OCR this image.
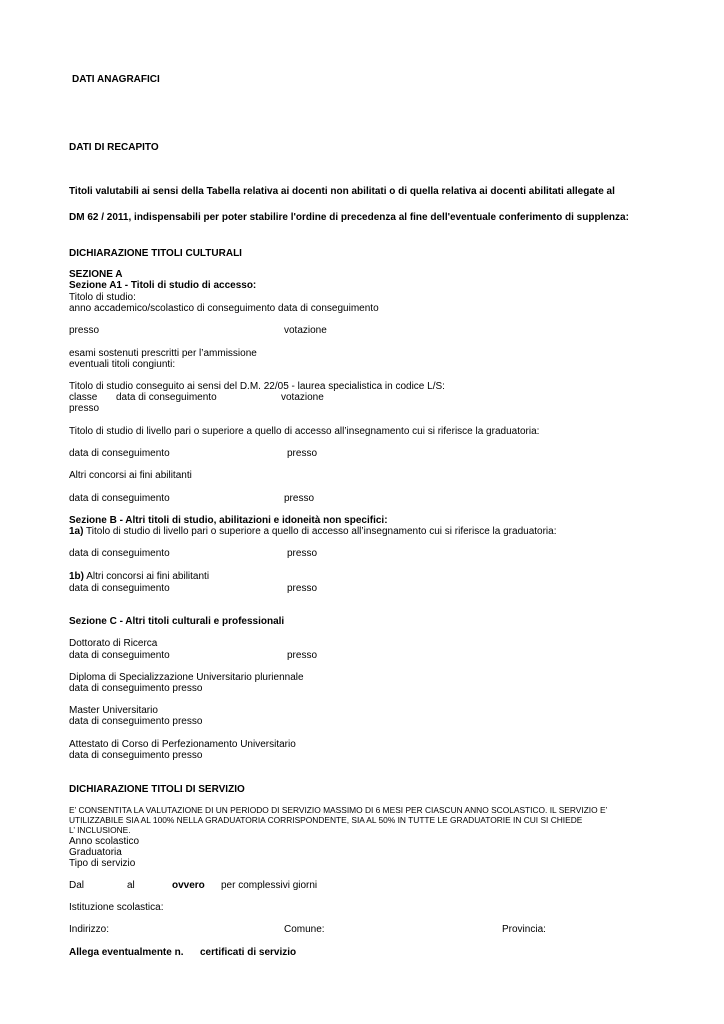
DATI ANAGRAFICI
DATI DI RECAPITO
Titoli valutabili ai sensi della Tabella relativa ai docenti non abilitati o di quella relativa ai docenti abilitati allegate al
DM 62 / 2011, indispensabili per poter stabilire l'ordine di precedenza al fine dell'eventuale conferimento di supplenza:
DICHIARAZIONE TITOLI CULTURALI
SEZIONE A
Sezione A1 - Titoli di studio di accesso:
Titolo di studio:
anno accademico/scolastico di conseguimento data di conseguimento
presso	votazione
esami sostenuti prescritti per l’ammissione
eventuali titoli congiunti:
Titolo di studio conseguito ai sensi del D.M. 22/05 - laurea specialistica in codice L/S:
classe data di conseguimento	votazione
presso
Titolo di studio di livello pari o superiore a quello di accesso all’insegnamento cui si riferisce la graduatoria:
data di conseguimento	presso
Altri concorsi ai fini abilitanti
data di conseguimento	presso
Sezione B - Altri titoli di studio, abilitazioni e idoneità non specifici:
1a) Titolo di studio di livello pari o superiore a quello di accesso all’insegnamento cui si riferisce la graduatoria:
data di conseguimento	presso
1b) Altri concorsi ai fini abilitanti
data di conseguimento	presso
Sezione C - Altri titoli culturali e professionali
Dottorato di Ricerca
data di conseguimento	presso
Diploma di Specializzazione Universitario pluriennale
data di conseguimento presso
Master Universitario
data di conseguimento presso
Attestato di Corso di Perfezionamento Universitario
data di conseguimento presso
DICHIARAZIONE TITOLI DI SERVIZIO
E’ CONSENTITA LA VALUTAZIONE DI UN PERIODO DI SERVIZIO MASSIMO DI 6 MESI PER CIASCUN ANNO SCOLASTICO. IL SERVIZIO E’
UTILIZZABILE SIA AL 100% NELLA GRADUATORIA CORRISPONDENTE, SIA AL 50% IN TUTTE LE GRADUATORIE IN CUI SI CHIEDE
L’ INCLUSIONE.
Anno scolastico
Graduatoria
Tipo di servizio
Dal	al	ovvero per complessivi giorni
Istituzione scolastica:
Indirizzo:	Comune:	Provincia:
Allega eventualmente n. certificati di servizio
